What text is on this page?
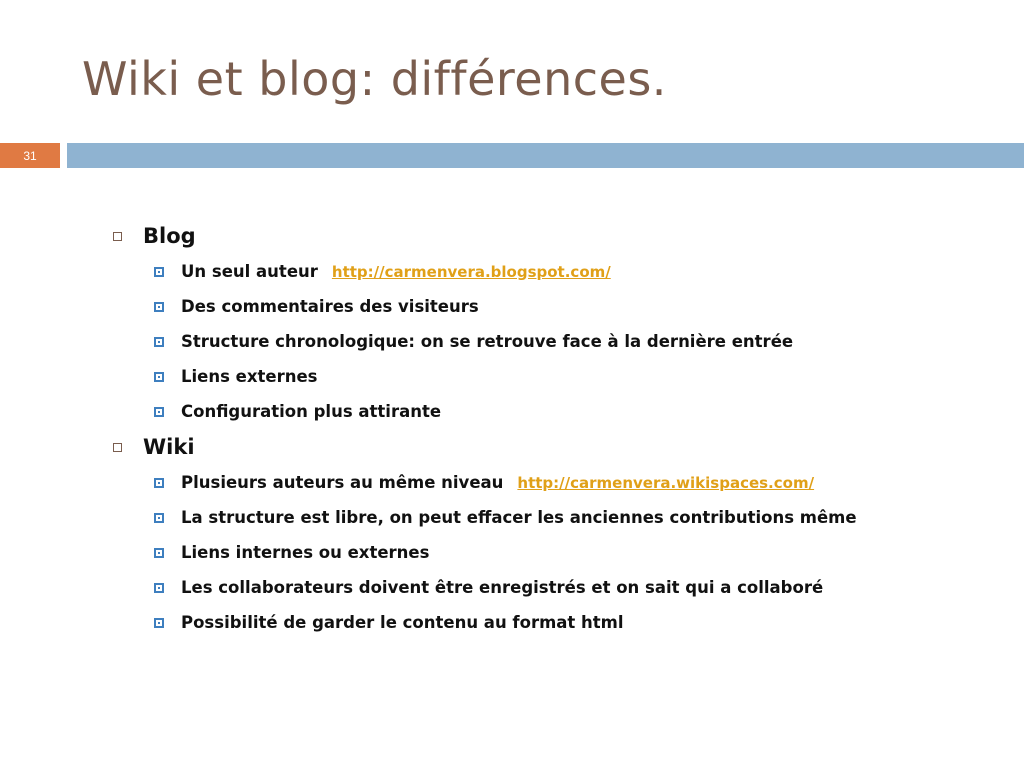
Wiki et blog: différences.
31
Blog
Un seul auteur http://carmenvera.blogspot.com/
Des commentaires des visiteurs
Structure chronologique: on se retrouve face à la dernière entrée
Liens externes
Configuration plus attirante
Wiki
Plusieurs auteurs au même niveau http://carmenvera.wikispaces.com/
La structure est libre, on peut effacer les anciennes contributions même
Liens internes ou externes
Les collaborateurs doivent être enregistrés et on sait qui a collaboré
Possibilité de garder le contenu au format html
